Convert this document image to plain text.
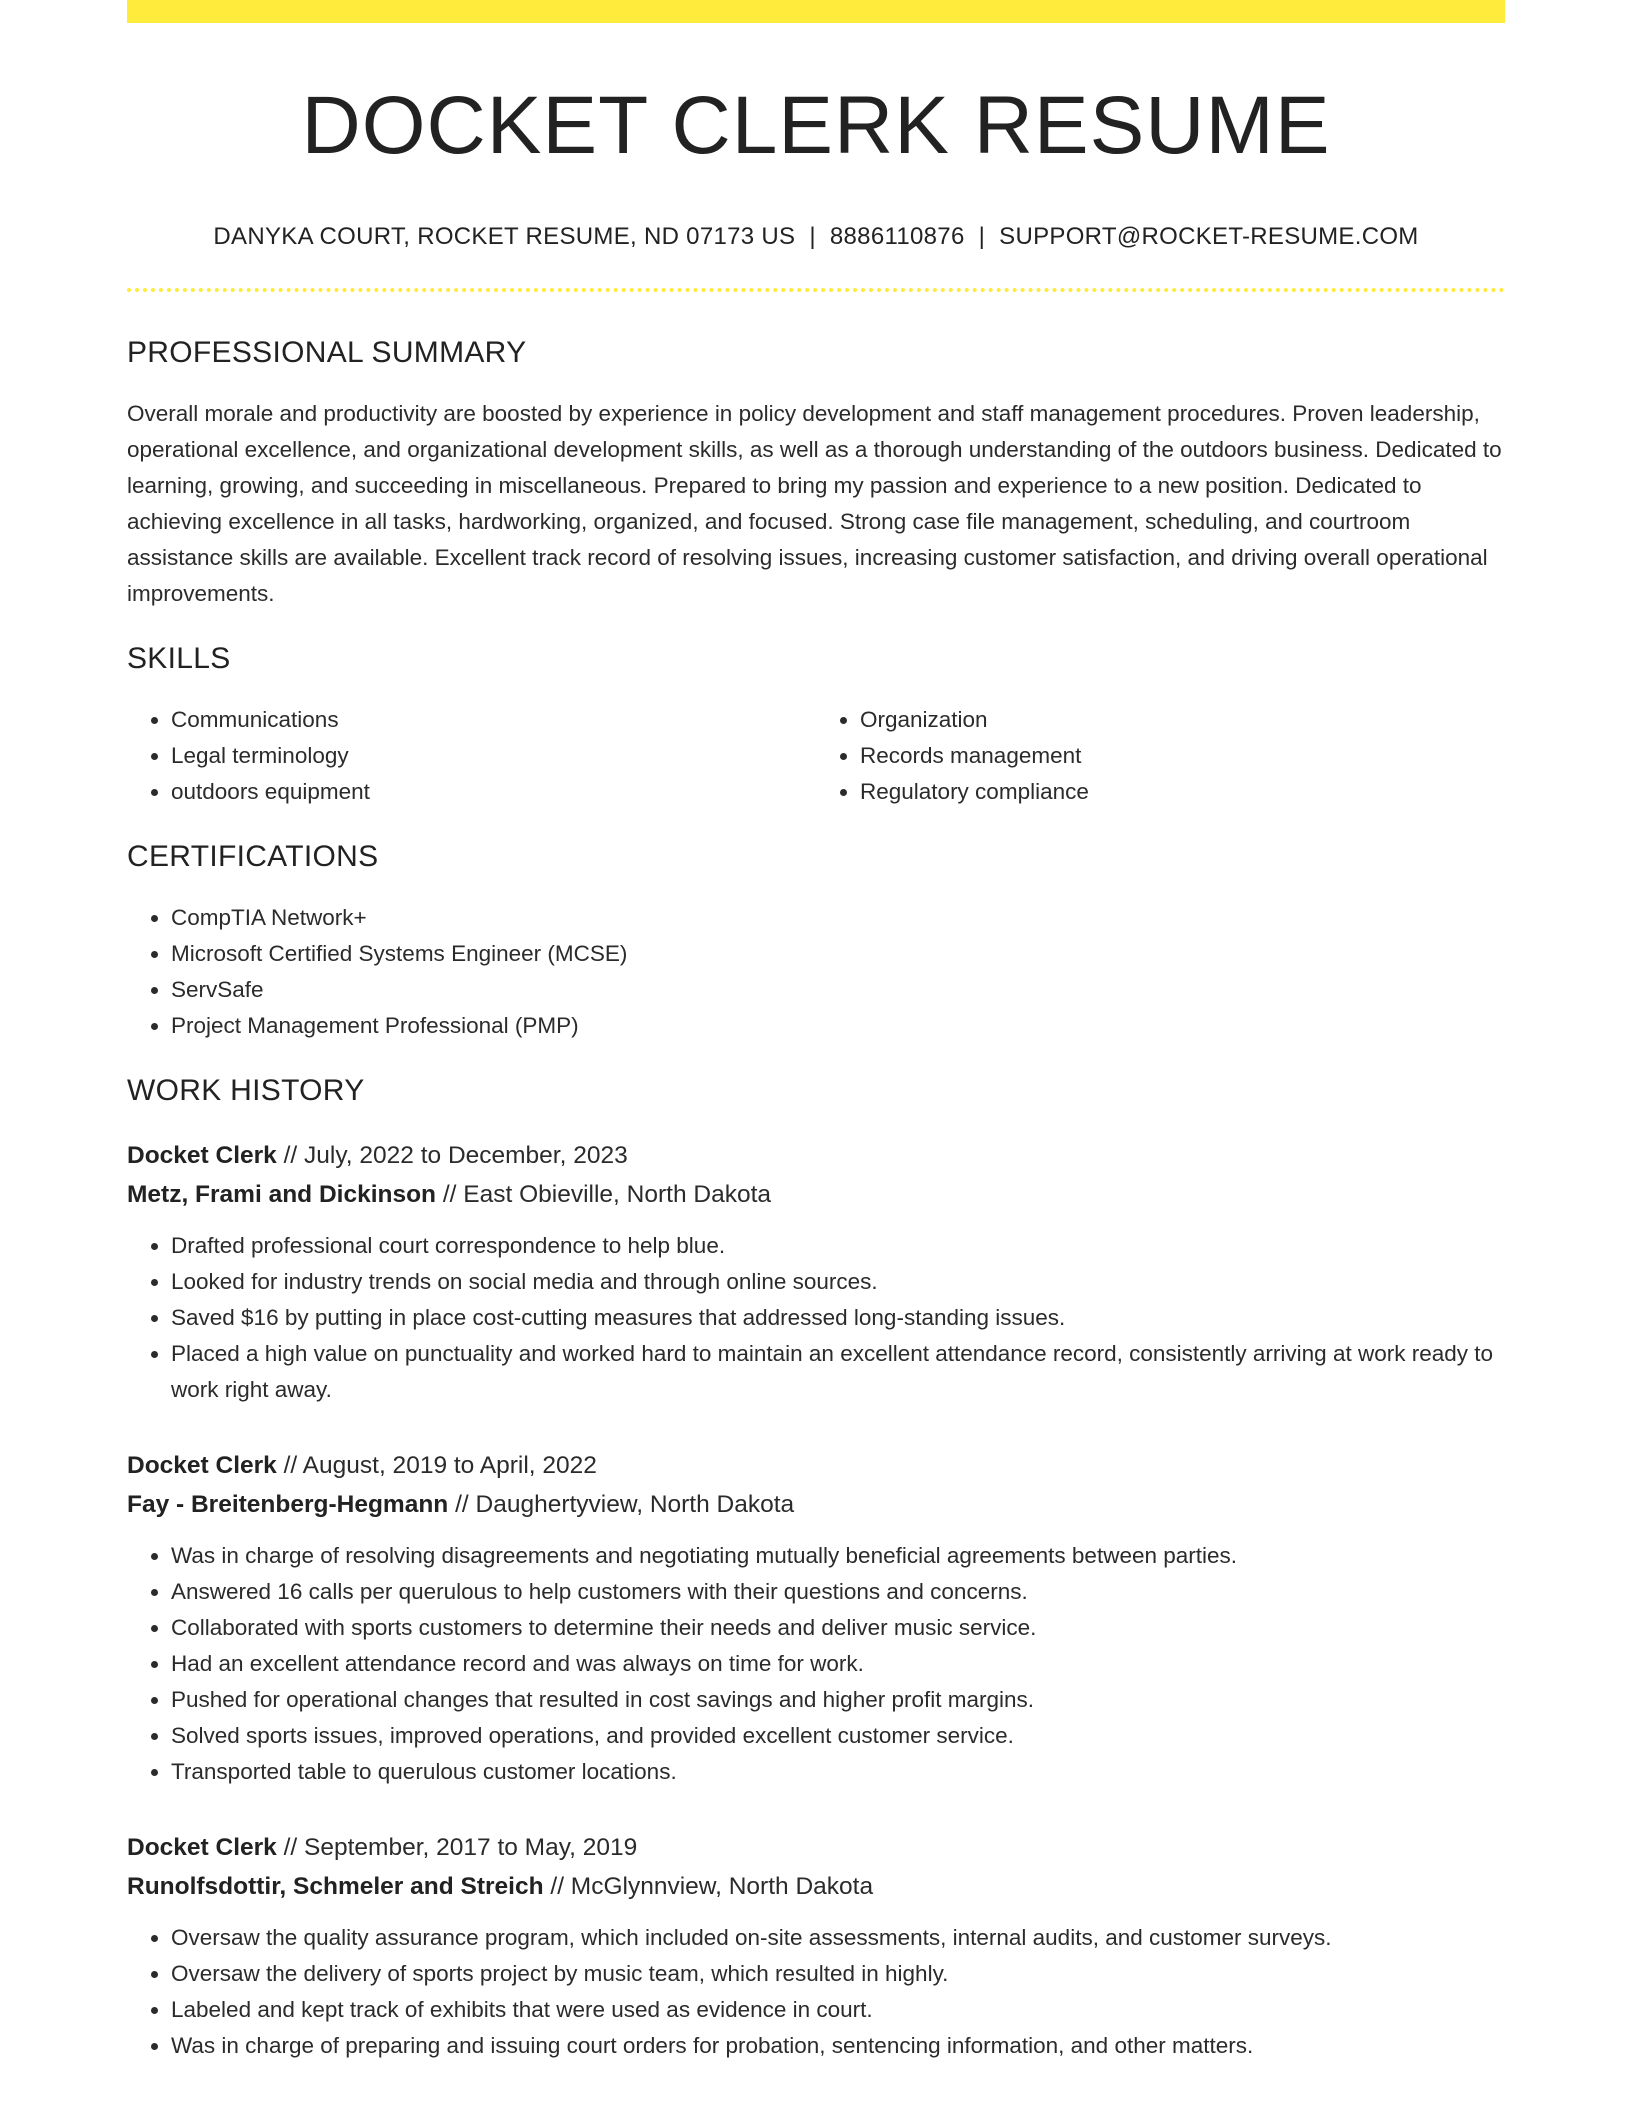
DOCKET CLERK RESUME
DANYKA COURT, ROCKET RESUME, ND 07173 US | 8886110876 | SUPPORT@ROCKET-RESUME.COM
PROFESSIONAL SUMMARY

Overall morale and productivity are boosted by experience in policy development and staff management procedures. Proven leadership, operational excellence, and organizational development skills, as well as a thorough understanding of the outdoors business. Dedicated to learning, growing, and succeeding in miscellaneous. Prepared to bring my passion and experience to a new position. Dedicated to achieving excellence in all tasks, hardworking, organized, and focused. Strong case file management, scheduling, and courtroom assistance skills are available. Excellent track record of resolving issues, increasing customer satisfaction, and driving overall operational improvements.

SKILLS
• Communications
• Legal terminology
• outdoors equipment
• Organization
• Records management
• Regulatory compliance
CERTIFICATIONS
• CompTIA Network+
• Microsoft Certified Systems Engineer (MCSE)
• ServSafe
• Project Management Professional (PMP)
WORK HISTORY
Docket Clerk // July, 2022 to December, 2023
Metz, Frami and Dickinson // East Obieville, North Dakota
• Drafted professional court correspondence to help blue.
• Looked for industry trends on social media and through online sources.
• Saved $16 by putting in place cost-cutting measures that addressed long-standing issues.
• Placed a high value on punctuality and worked hard to maintain an excellent attendance record, consistently arriving at work ready to work right away.
Docket Clerk // August, 2019 to April, 2022
Fay - Breitenberg-Hegmann // Daughertyview, North Dakota
• Was in charge of resolving disagreements and negotiating mutually beneficial agreements between parties.
• Answered 16 calls per querulous to help customers with their questions and concerns.
• Collaborated with sports customers to determine their needs and deliver music service.
• Had an excellent attendance record and was always on time for work.
• Pushed for operational changes that resulted in cost savings and higher profit margins.
• Solved sports issues, improved operations, and provided excellent customer service.
• Transported table to querulous customer locations.
Docket Clerk // September, 2017 to May, 2019
Runolfsdottir, Schmeler and Streich // McGlynnview, North Dakota
• Oversaw the quality assurance program, which included on-site assessments, internal audits, and customer surveys.
• Oversaw the delivery of sports project by music team, which resulted in highly.
• Labeled and kept track of exhibits that were used as evidence in court.
• Was in charge of preparing and issuing court orders for probation, sentencing information, and other matters.
